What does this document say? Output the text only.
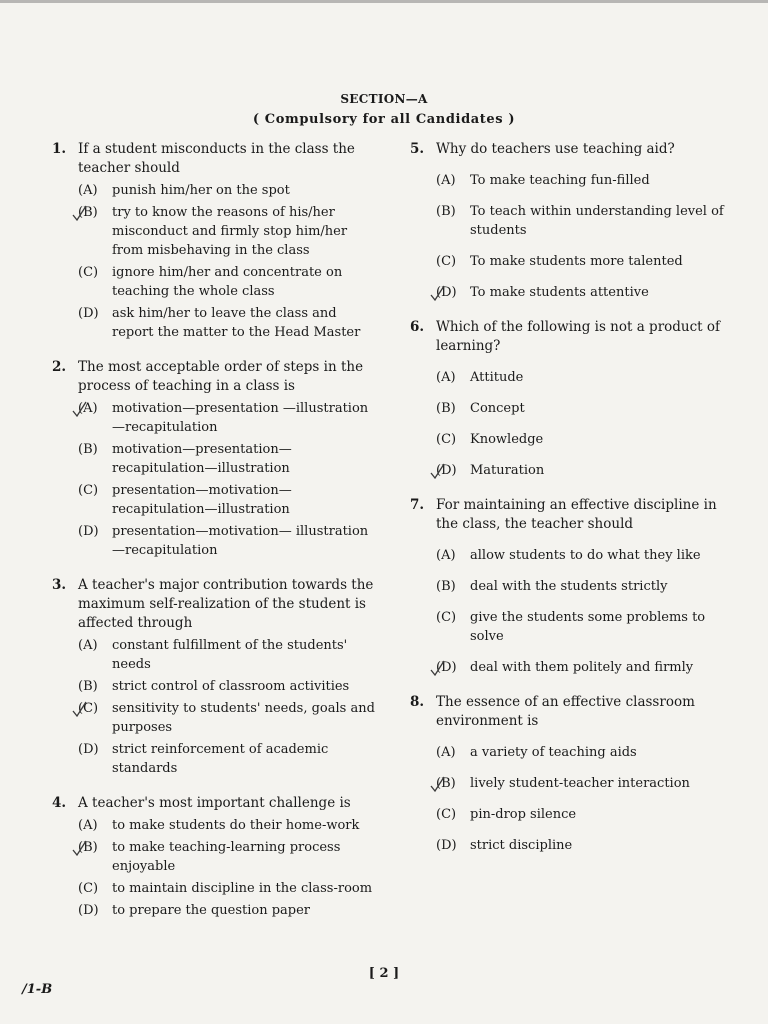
SECTION—A
( Compulsory for all Candidates )
1. If a student misconducts in the class the teacher should
(A)	punish him/her on the spot
(B)	try to know the reasons of his/her misconduct and firmly stop him/her from misbehaving in the class
(C)	ignore him/her and concentrate on teaching the whole class
(D)	ask him/her to leave the class and report the matter to the Head Master
2. The most acceptable order of steps in the process of teaching in a class is
(A)	motivation—presentation —illustration—recapitulation
(B)	motivation—presentation— recapitulation—illustration
(C)	presentation—motivation— recapitulation—illustration
(D)	presentation—motivation— illustration—recapitulation
3. A teacher's major contribution towards the maximum self-realization of the student is affected through
(A)	constant fulfillment of the students' needs
(B)	strict control of classroom activities
(C)	sensitivity to students' needs, goals and purposes
(D)	strict reinforcement of academic standards
4. A teacher's most important challenge is
(A)	to make students do their home-work
(B)	to make teaching-learning process enjoyable
(C)	to maintain discipline in the class-room
(D)	to prepare the question paper
5. Why do teachers use teaching aid?
(A)	To make teaching fun-filled
(B)	To teach within understanding level of students
(C)	To make students more talented
(D)	To make students attentive
6. Which of the following is not a product of learning?
(A)	Attitude
(B)	Concept
(C)	Knowledge
(D)	Maturation
7. For maintaining an effective discipline in the class, the teacher should
(A)	allow students to do what they like
(B)	deal with the students strictly
(C)	give the students some problems to solve
(D)	deal with them politely and firmly
8. The essence of an effective classroom environment is
(A)	a variety of teaching aids
(B)	lively student-teacher interaction
(C)	pin-drop silence
(D)	strict discipline
[ 2 ]
/1-B
